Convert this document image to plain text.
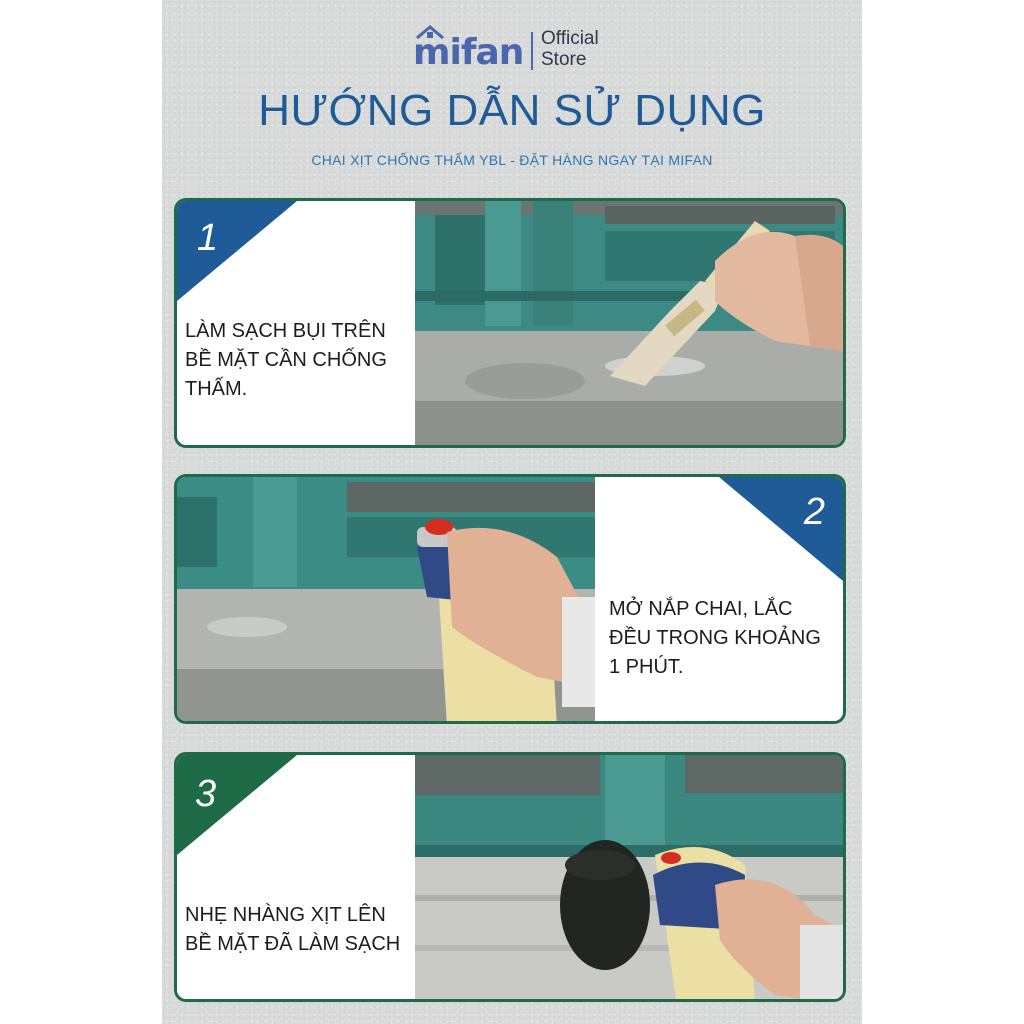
mifan Official
Store
HƯỚNG DẪN SỬ DỤNG
CHAI XỊT CHỐNG THẤM YBL - ĐẶT HÀNG NGAY TẠI MIFAN
1
LÀM SẠCH BỤI TRÊN
BỀ MẶT CẦN CHỐNG
THẤM.
2
MỞ NẮP CHAI, LẮC
ĐỀU TRONG KHOẢNG
1 PHÚT.
3
NHẸ NHÀNG XỊT LÊN
BỀ MẶT ĐÃ LÀM SẠCH
